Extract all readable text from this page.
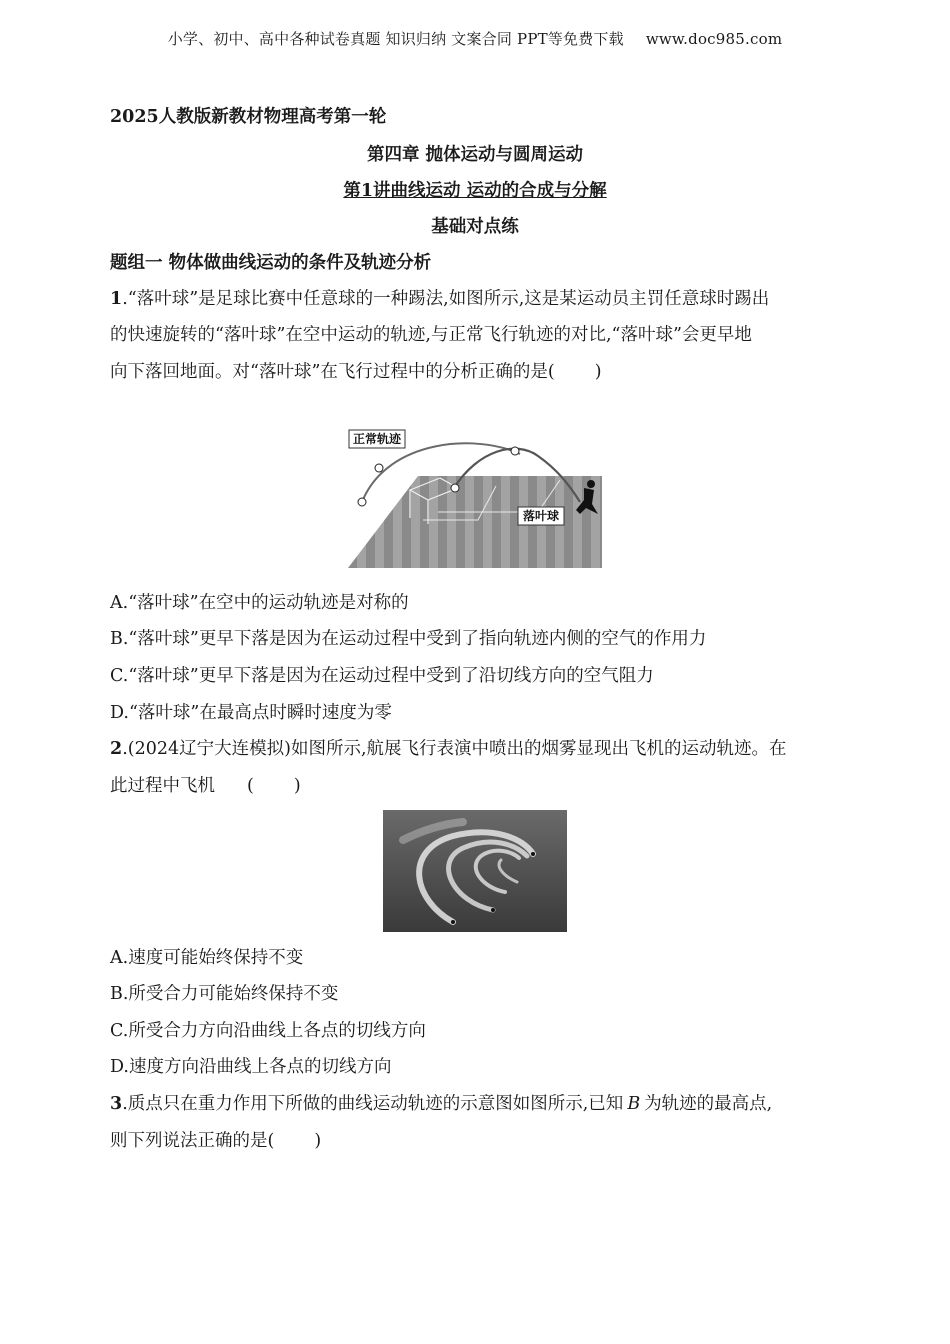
小学、初中、高中各种试卷真题 知识归纳 文案合同 PPT等免费下载 www.doc985.com
2025人教版新教材物理高考第一轮
第四章 抛体运动与圆周运动
第1讲曲线运动 运动的合成与分解
基础对点练
题组一 物体做曲线运动的条件及轨迹分析
1.“落叶球”是足球比赛中任意球的一种踢法,如图所示,这是某运动员主罚任意球时踢出
的快速旋转的“落叶球”在空中运动的轨迹,与正常飞行轨迹的对比,“落叶球”会更早地
向下落回地面。对“落叶球”在飞行过程中的分析正确的是( )
正常轨迹
落叶球
A.“落叶球”在空中的运动轨迹是对称的
B.“落叶球”更早下落是因为在运动过程中受到了指向轨迹内侧的空气的作用力
C.“落叶球”更早下落是因为在运动过程中受到了沿切线方向的空气阻力
D.“落叶球”在最高点时瞬时速度为零
2.(2024辽宁大连模拟)如图所示,航展飞行表演中喷出的烟雾显现出飞机的运动轨迹。在
此过程中飞机 ( )
A.速度可能始终保持不变
B.所受合力可能始终保持不变
C.所受合力方向沿曲线上各点的切线方向
D.速度方向沿曲线上各点的切线方向
3.质点只在重力作用下所做的曲线运动轨迹的示意图如图所示,已知 B 为轨迹的最高点,
则下列说法正确的是( )
